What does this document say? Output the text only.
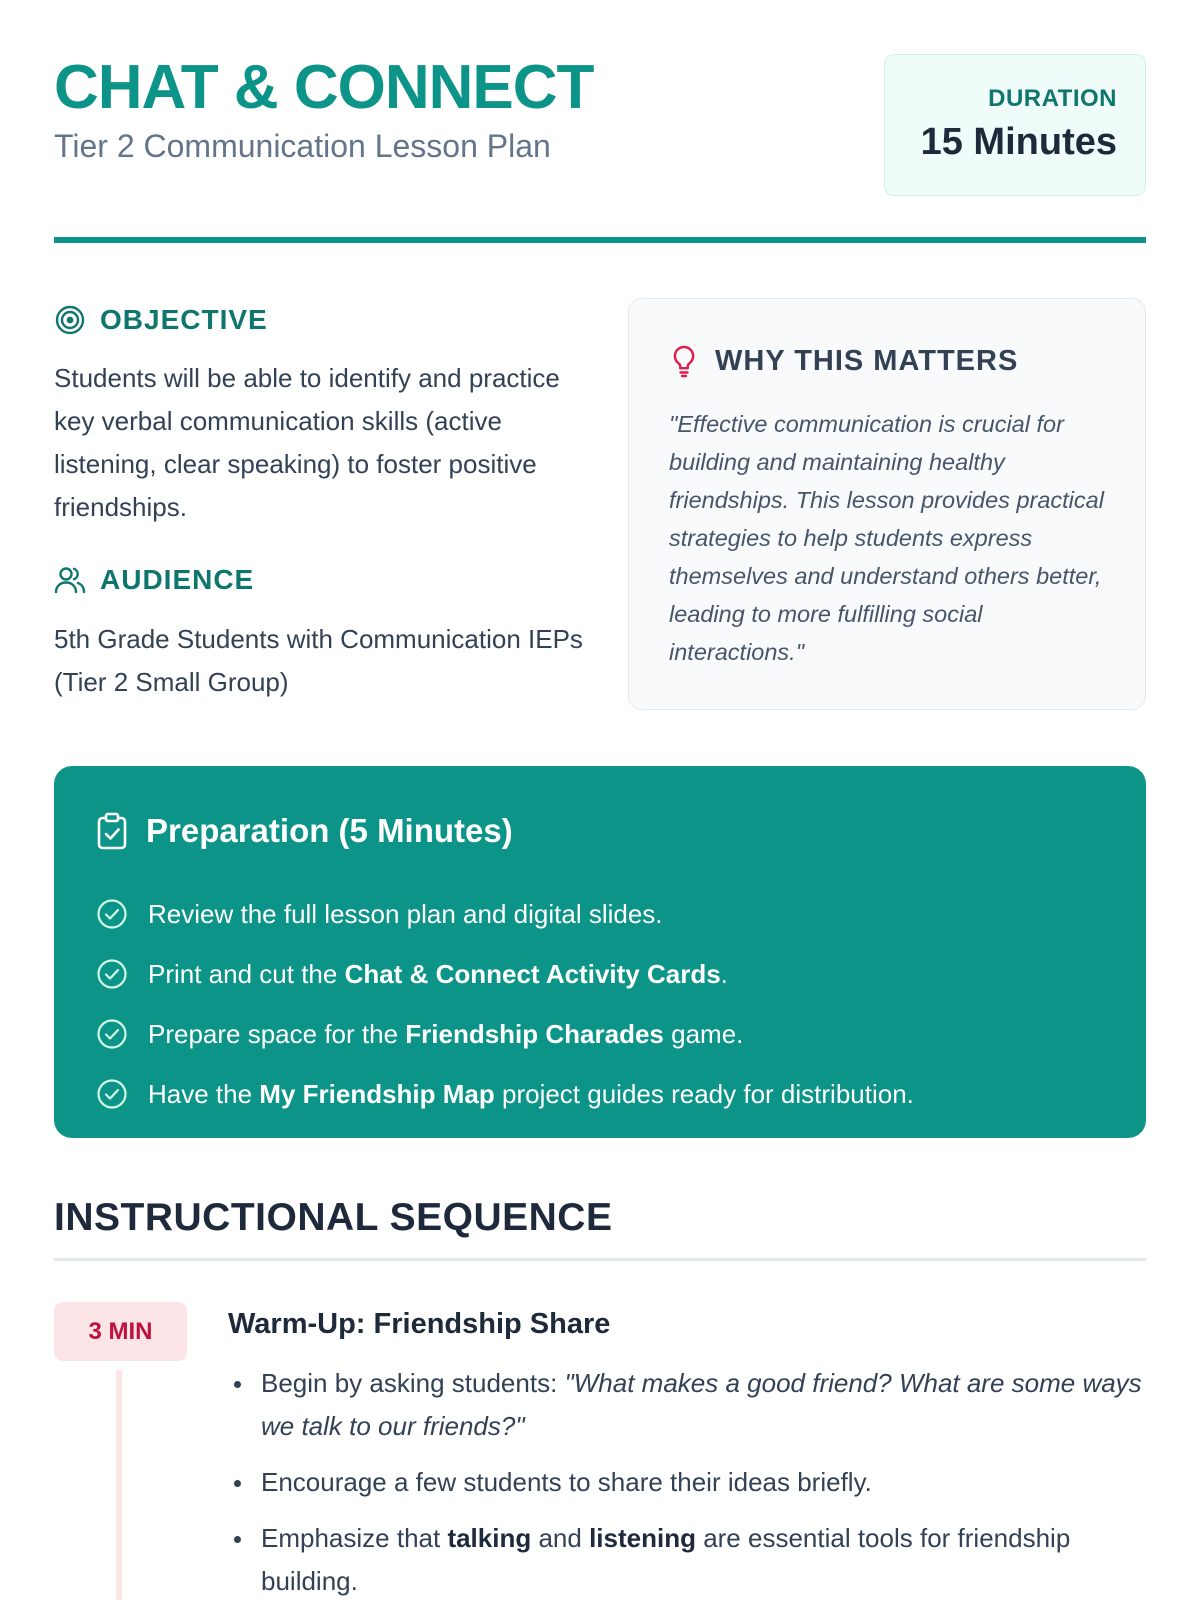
CHAT & CONNECT
Tier 2 Communication Lesson Plan
DURATION
15 Minutes
OBJECTIVE
Students will be able to identify and practice key verbal communication skills (active listening, clear speaking) to foster positive friendships.
AUDIENCE
5th Grade Students with Communication IEPs (Tier 2 Small Group)
WHY THIS MATTERS
"Effective communication is crucial for building and maintaining healthy friendships. This lesson provides practical strategies to help students express themselves and understand others better, leading to more fulfilling social interactions."
Preparation (5 Minutes)
Review the full lesson plan and digital slides.
Print and cut the Chat & Connect Activity Cards.
Prepare space for the Friendship Charades game.
Have the My Friendship Map project guides ready for distribution.
INSTRUCTIONAL SEQUENCE
3 MIN	Warm-Up: Friendship Share
Begin by asking students: "What makes a good friend? What are some ways we talk to our friends?"
Encourage a few students to share their ideas briefly.
Emphasize that talking and listening are essential tools for friendship building.
